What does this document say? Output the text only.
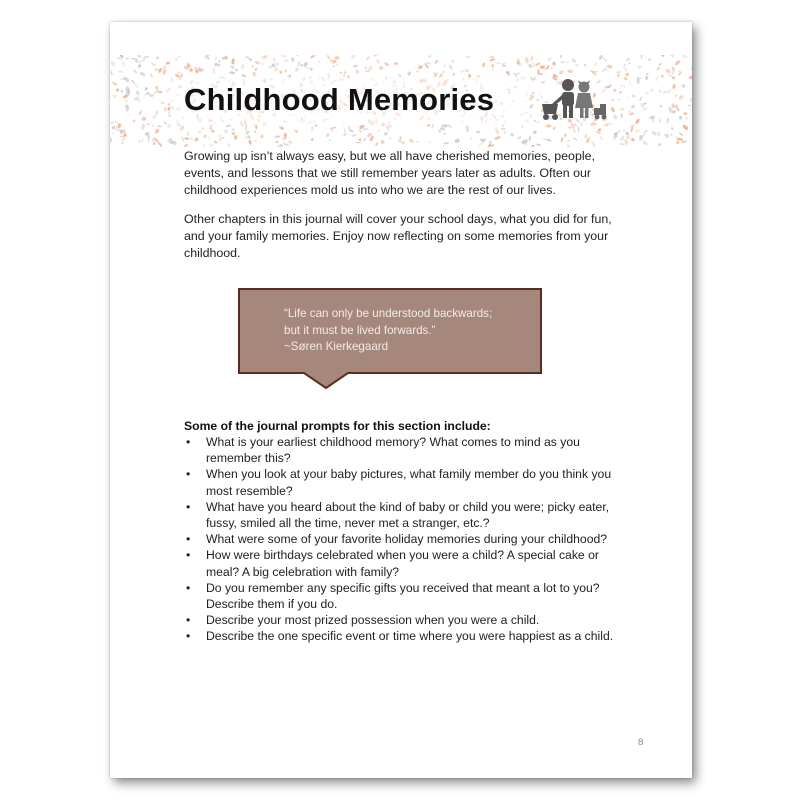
Childhood Memories
Growing up isn’t always easy, but we all have cherished memories, people, events, and lessons that we still remember years later as adults. Often our childhood experiences mold us into who we are the rest of our lives.
Other chapters in this journal will cover your school days, what you did for fun, and your family memories. Enjoy now reflecting on some memories from your childhood.
“Life can only be understood backwards;
but it must be lived forwards.”
~Søren Kierkegaard
Some of the journal prompts for this section include:
• What is your earliest childhood memory? What comes to mind as you remember this?
• When you look at your baby pictures, what family member do you think you most resemble?
• What have you heard about the kind of baby or child you were; picky eater, fussy, smiled all the time, never met a stranger, etc.?
• What were some of your favorite holiday memories during your childhood?
• How were birthdays celebrated when you were a child? A special cake or meal? A big celebration with family?
• Do you remember any specific gifts you received that meant a lot to you? Describe them if you do.
• Describe your most prized possession when you were a child.
• Describe the one specific event or time where you were happiest as a child.
8
